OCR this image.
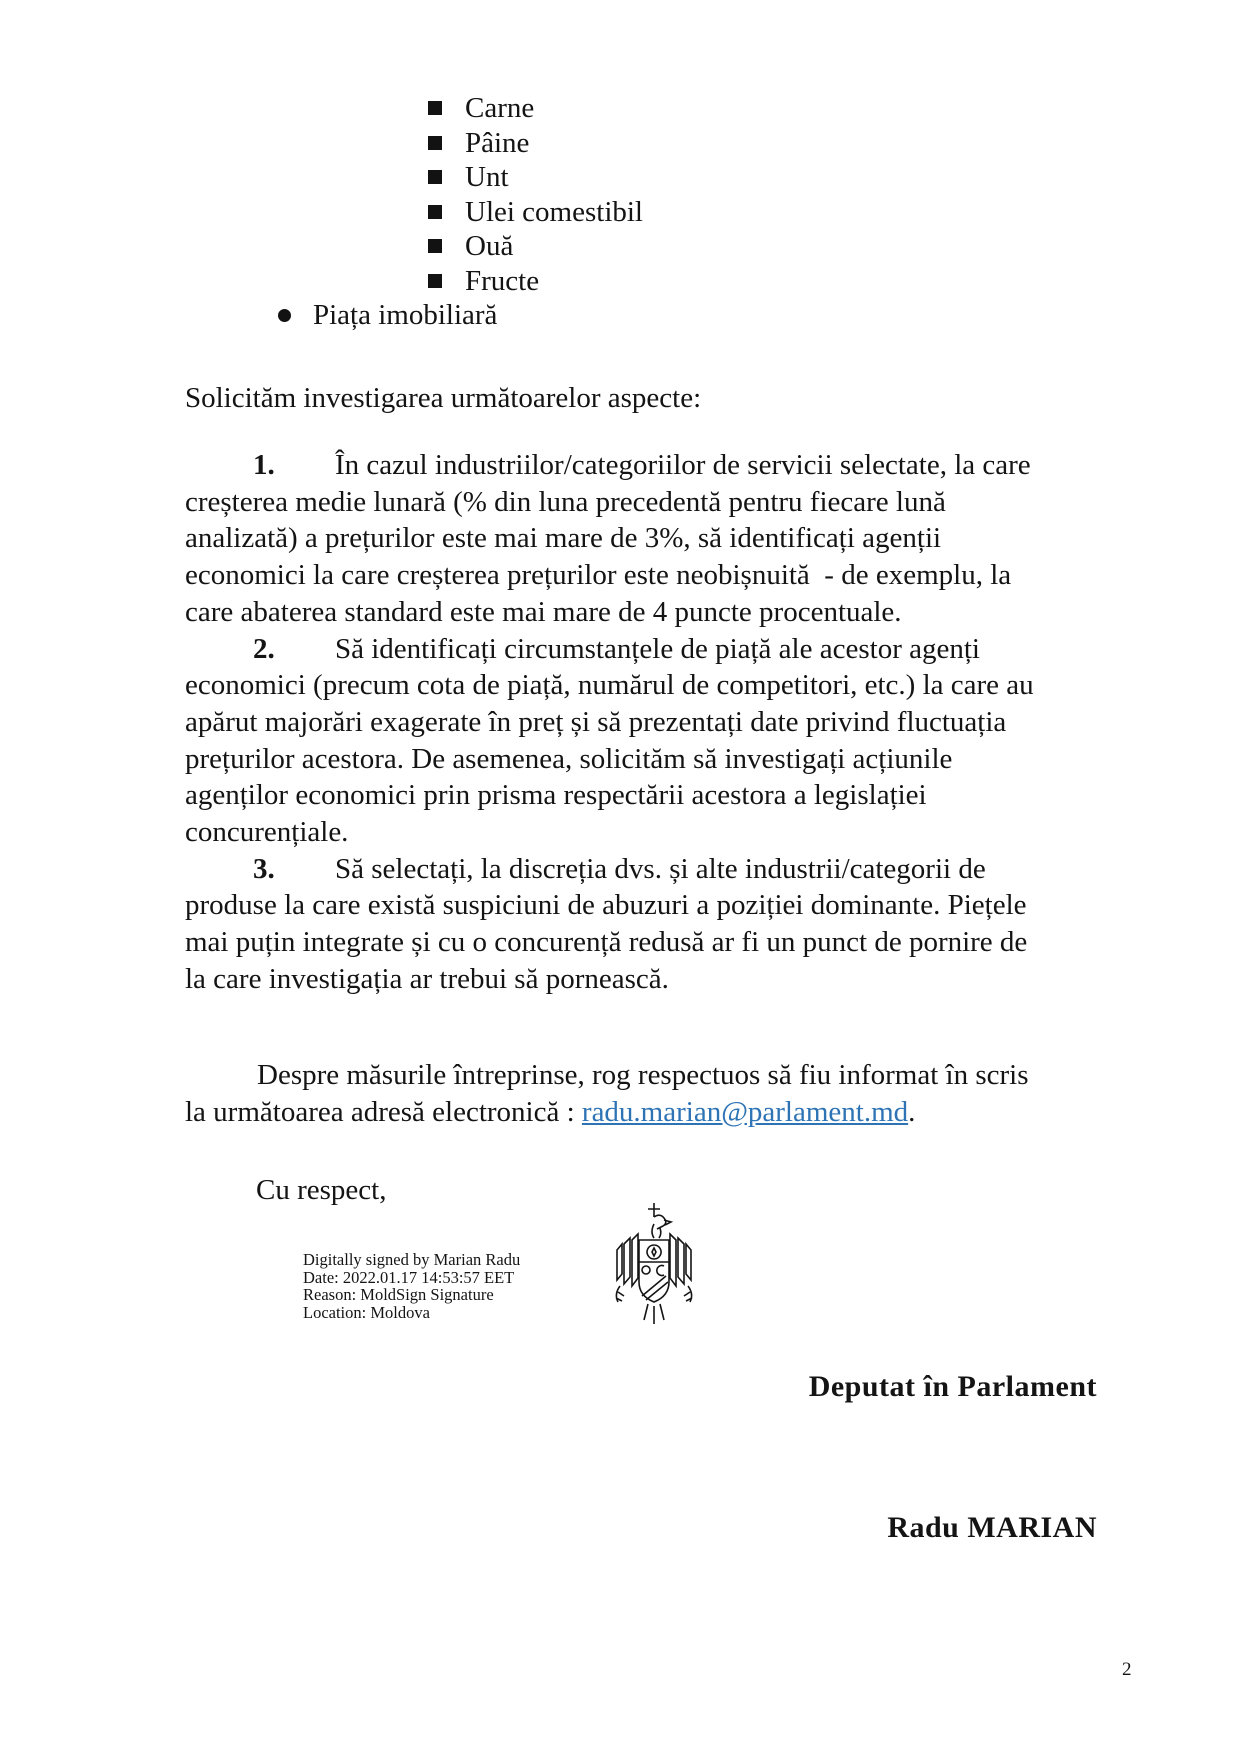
Carne
Pâine
Unt
Ulei comestibil
Ouă
Fructe
Piața imobiliară
Solicităm investigarea următoarelor aspecte:
1. În cazul industriilor/categoriilor de servicii selectate, la care
creșterea medie lunară (% din luna precedentă pentru fiecare lună
analizată) a prețurilor este mai mare de 3%, să identificați agenții
economici la care creșterea prețurilor este neobișnuită  - de exemplu, la
care abaterea standard este mai mare de 4 puncte procentuale.
2. Să identificați circumstanțele de piață ale acestor agenți
economici (precum cota de piață, numărul de competitori, etc.) la care au
apărut majorări exagerate în preț și să prezentați date privind fluctuația
prețurilor acestora. De asemenea, solicităm să investigați acțiunile
agenților economici prin prisma respectării acestora a legislației
concurențiale.
3. Să selectați, la discreția dvs. și alte industrii/categorii de
produse la care există suspiciuni de abuzuri a poziției dominante. Piețele
mai puțin integrate și cu o concurență redusă ar fi un punct de pornire de
la care investigația ar trebui să pornească.
Despre măsurile întreprinse, rog respectuos să fiu informat în scris
la următoarea adresă electronică : radu.marian@parlament.md.
Cu respect,
Digitally signed by Marian Radu
Date: 2022.01.17 14:53:57 EET
Reason: MoldSign Signature
Location: Moldova

Deputat în Parlament

Radu MARIAN

2
